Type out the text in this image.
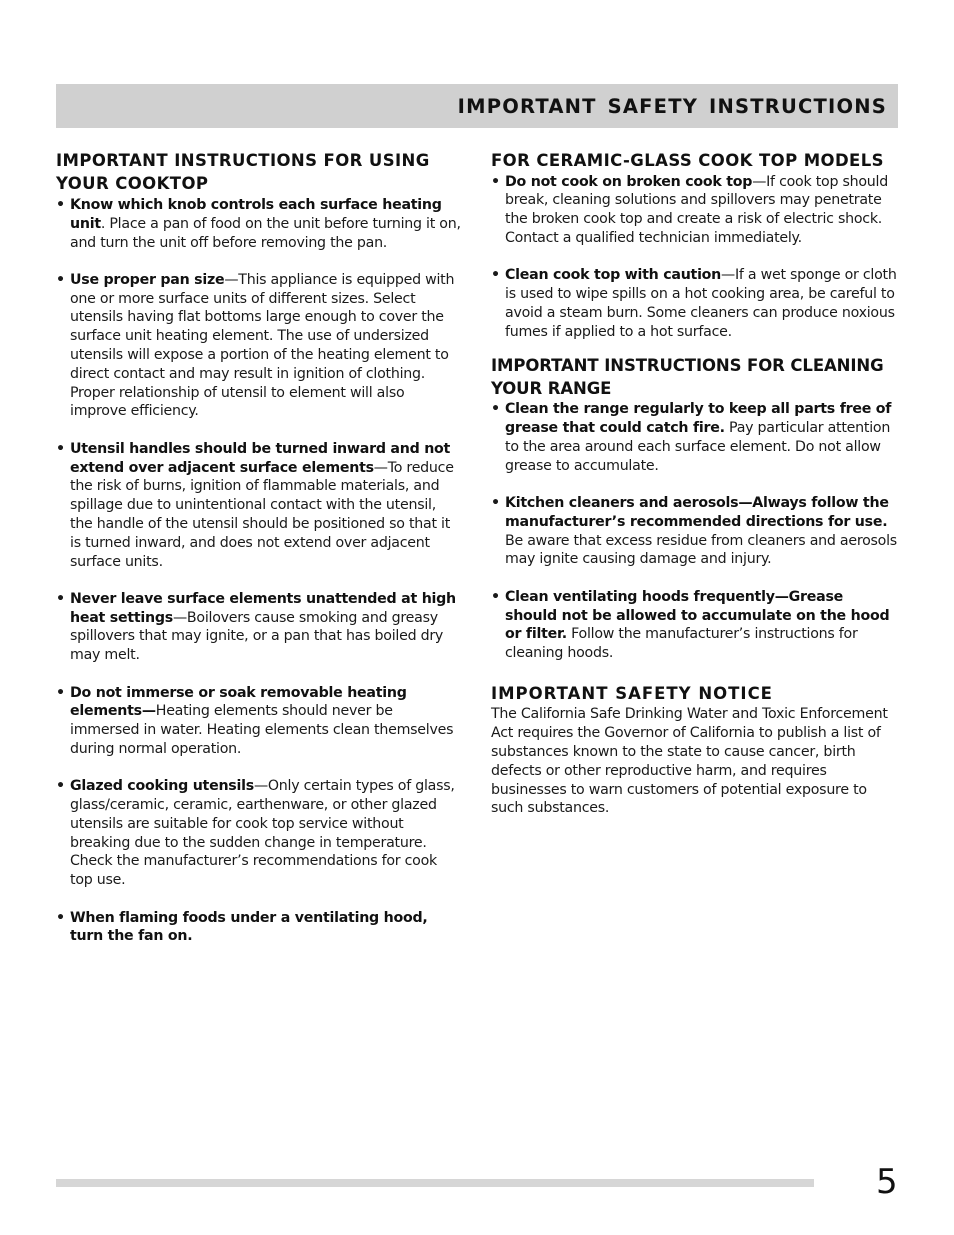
IMPORTANT SAFETY INSTRUCTIONS
IMPORTANT INSTRUCTIONS FOR USING YOUR COOKTOP
• Know which knob controls each surface heating unit. Place a pan of food on the unit before turning it on, and turn the unit off before removing the pan.
• Use proper pan size—This appliance is equipped with one or more surface units of different sizes. Select utensils having flat bottoms large enough to cover the surface unit heating element. The use of undersized utensils will expose a portion of the heating element to direct contact and may result in ignition of clothing. Proper relationship of utensil to element will also improve efficiency.
• Utensil handles should be turned inward and not extend over adjacent surface elements—To reduce the risk of burns, ignition of flammable materials, and spillage due to unintentional contact with the utensil, the handle of the utensil should be positioned so that it is turned inward, and does not extend over adjacent surface units.
• Never leave surface elements unattended at high heat settings—Boilovers cause smoking and greasy spillovers that may ignite, or a pan that has boiled dry may melt.
• Do not immerse or soak removable heating elements—Heating elements should never be immersed in water. Heating elements clean themselves during normal operation.
• Glazed cooking utensils—Only certain types of glass, glass/ceramic, ceramic, earthenware, or other glazed utensils are suitable for cook top service without breaking due to the sudden change in temperature. Check the manufacturer’s recommendations for cook top use.
• When flaming foods under a ventilating hood, turn the fan on.
FOR CERAMIC-GLASS COOK TOP MODELS
• Do not cook on broken cook top—If cook top should break, cleaning solutions and spillovers may penetrate the broken cook top and create a risk of electric shock. Contact a qualified technician immediately.
• Clean cook top with caution—If a wet sponge or cloth is used to wipe spills on a hot cooking area, be careful to avoid a steam burn. Some cleaners can produce noxious fumes if applied to a hot surface.
IMPORTANT INSTRUCTIONS FOR CLEANING YOUR RANGE
• Clean the range regularly to keep all parts free of grease that could catch fire. Pay particular attention to the area around each surface element. Do not allow grease to accumulate.
• Kitchen cleaners and aerosols—Always follow the manufacturer’s recommended directions for use. Be aware that excess residue from cleaners and aerosols may ignite causing damage and injury.
• Clean ventilating hoods frequently—Grease should not be allowed to accumulate on the hood or filter. Follow the manufacturer’s instructions for cleaning hoods.
IMPORTANT SAFETY NOTICE

The California Safe Drinking Water and Toxic Enforcement Act requires the Governor of California to publish a list of substances known to the state to cause cancer, birth defects or other reproductive harm, and requires businesses to warn customers of potential exposure to such substances.

5
